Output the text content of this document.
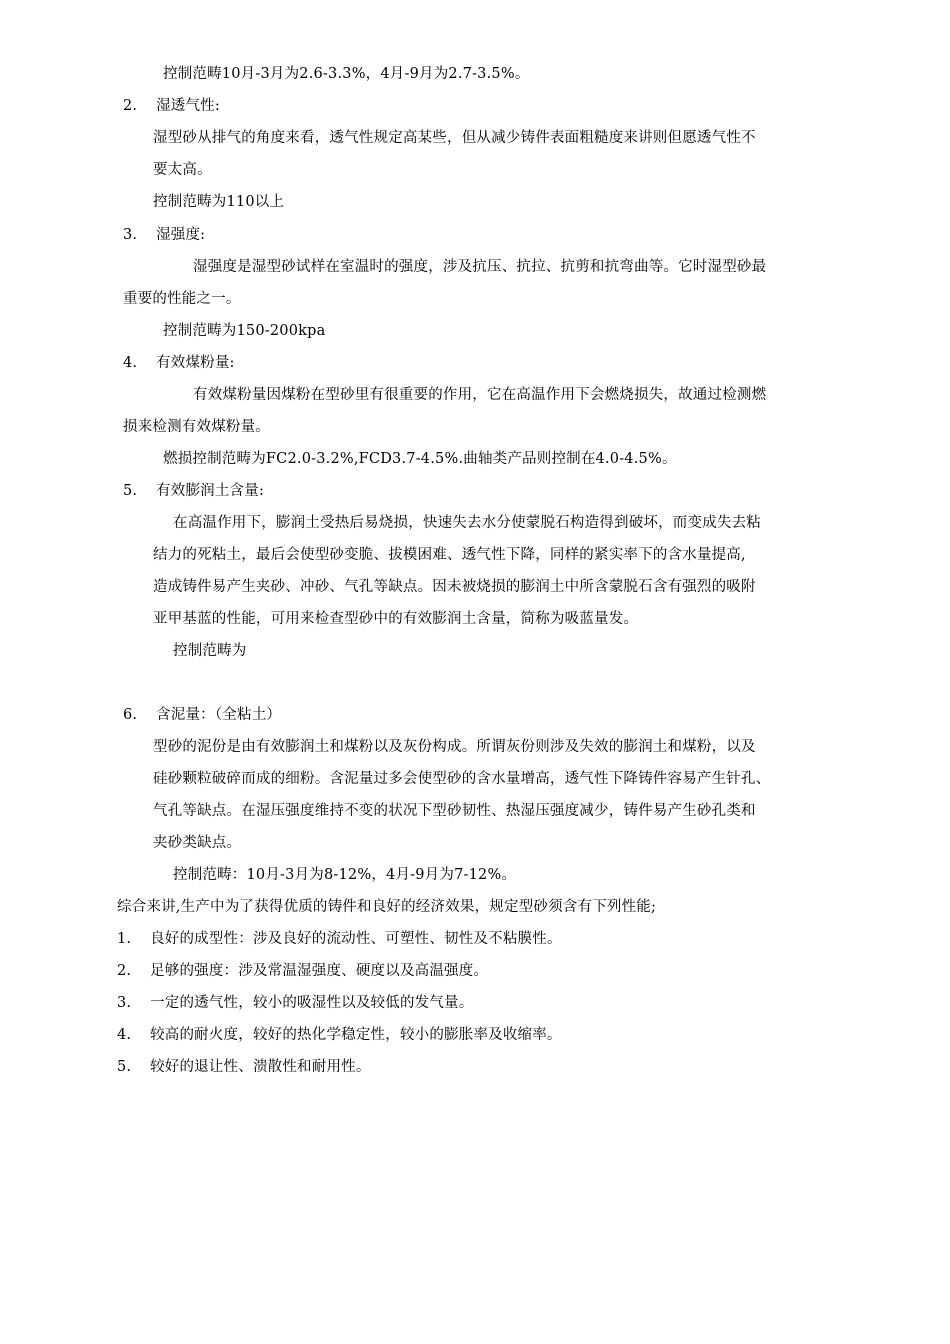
控制范畴10月-3月为2.6-3.3%，4月-9月为2.7-3.5%。
2. 湿透气性:
湿型砂从排气的角度来看，透气性规定高某些，但从减少铸件表面粗糙度来讲则但愿透气性不
要太高。
控制范畴为110以上
3. 湿强度:
湿强度是湿型砂试样在室温时的强度，涉及抗压、抗拉、抗剪和抗弯曲等。它时湿型砂最
重要的性能之一。
控制范畴为150-200kpa
4. 有效煤粉量:
有效煤粉量因煤粉在型砂里有很重要的作用，它在高温作用下会燃烧损失，故通过检测燃
损来检测有效煤粉量。
燃损控制范畴为FC2.0-3.2%,FCD3.7-4.5%.曲轴类产品则控制在4.0-4.5%。
5. 有效膨润土含量:
在高温作用下，膨润土受热后易烧损，快速失去水分使蒙脱石构造得到破坏，而变成失去粘
结力的死粘土，最后会使型砂变脆、拔模困难、透气性下降，同样的紧实率下的含水量提高,
造成铸件易产生夹砂、冲砂、气孔等缺点。因未被烧损的膨润土中所含蒙脱石含有强烈的吸附
亚甲基蓝的性能，可用来检查型砂中的有效膨润土含量，简称为吸蓝量发。
控制范畴为
6. 含泥量：（全粘土）
型砂的泥份是由有效膨润土和煤粉以及灰份构成。所谓灰份则涉及失效的膨润土和煤粉，以及
硅砂颗粒破碎而成的细粉。含泥量过多会使型砂的含水量增高，透气性下降铸件容易产生针孔、
气孔等缺点。在湿压强度维持不变的状况下型砂韧性、热湿压强度减少，铸件易产生砂孔类和
夹砂类缺点。
控制范畴：10月-3月为8-12%，4月-9月为7-12%。
综合来讲,生产中为了获得优质的铸件和良好的经济效果，规定型砂须含有下列性能;
1. 良好的成型性：涉及良好的流动性、可塑性、韧性及不粘膜性。
2. 足够的强度：涉及常温湿强度、硬度以及高温强度。
3. 一定的透气性，较小的吸湿性以及较低的发气量。
4. 较高的耐火度，较好的热化学稳定性，较小的膨胀率及收缩率。
5. 较好的退让性、溃散性和耐用性。
